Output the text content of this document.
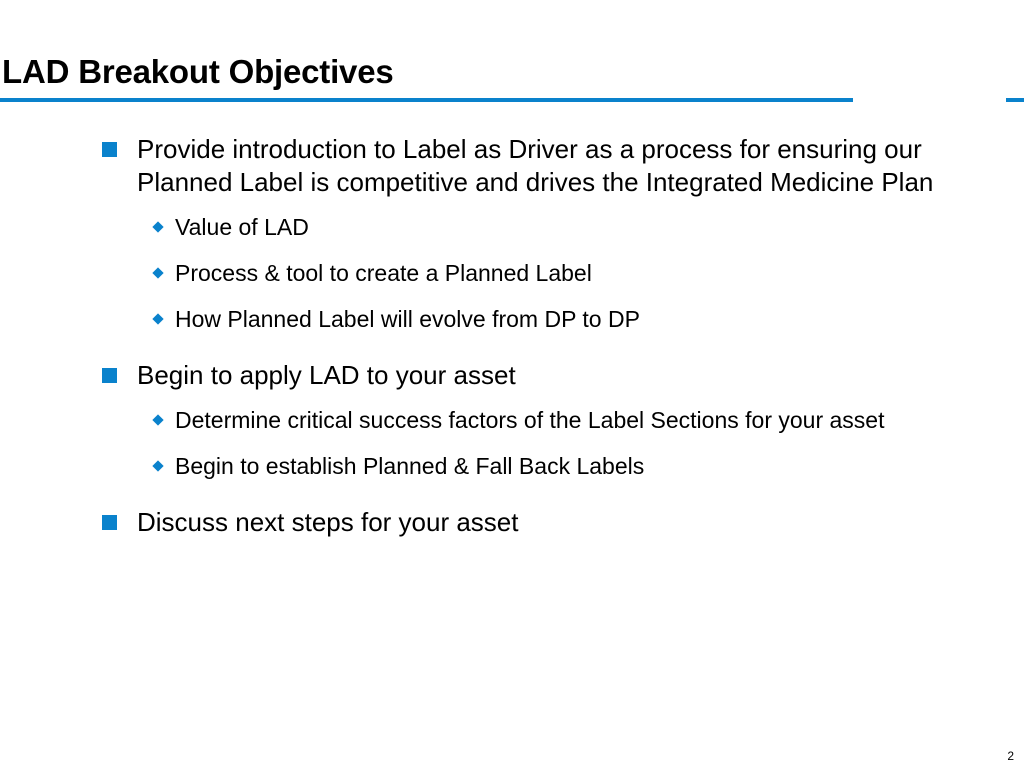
LAD Breakout Objectives
Provide introduction to Label as Driver as a process for ensuring our Planned Label is competitive and drives the Integrated Medicine Plan
Value of LAD
Process & tool to create a Planned Label
How Planned Label will evolve from DP to DP
Begin to apply LAD to your asset
Determine critical success factors of the Label Sections for your asset
Begin to establish Planned & Fall Back Labels
Discuss next steps for your asset
2
